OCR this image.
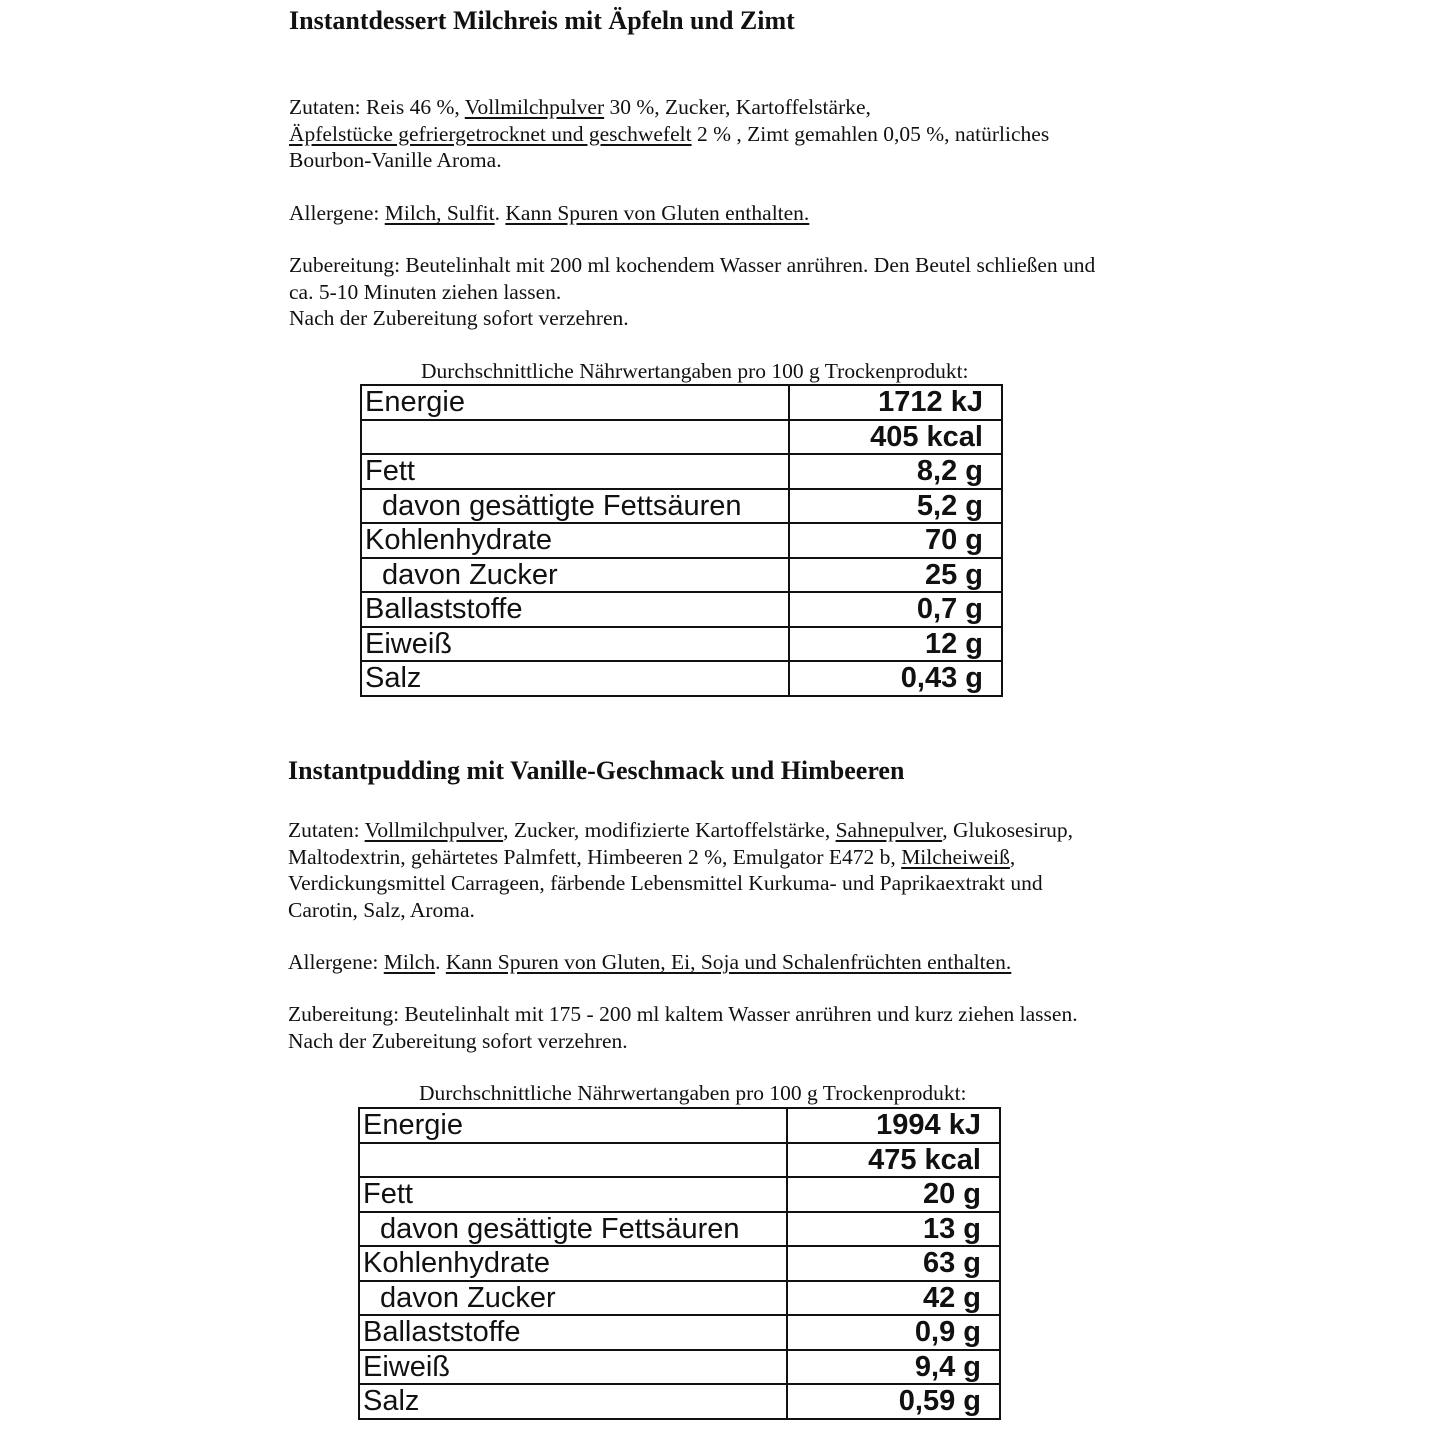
Instantdessert Milchreis mit Äpfeln und Zimt

Zutaten: Reis 46 %, Vollmilchpulver 30 %, Zucker, Kartoffelstärke,
Äpfelstücke gefriergetrocknet und geschwefelt 2 % , Zimt gemahlen 0,05 %, natürliches
Bourbon-Vanille Aroma.

Allergene: Milch, Sulfit. Kann Spuren von Gluten enthalten.

Zubereitung: Beutelinhalt mit 200 ml kochendem Wasser anrühren. Den Beutel schließen und
ca. 5-10 Minuten ziehen lassen.
Nach der Zubereitung sofort verzehren.

Durchschnittliche Nährwertangaben pro 100 g Trockenprodukt:

Energie	1712 kJ
	405 kcal
Fett	8,2 g
davon gesättigte Fettsäuren	5,2 g
Kohlenhydrate	70 g
davon Zucker	25 g
Ballaststoffe	0,7 g
Eiweiß	12 g
Salz	0,43 g
Instantpudding mit Vanille-Geschmack und Himbeeren

Zutaten: Vollmilchpulver, Zucker, modifizierte Kartoffelstärke, Sahnepulver, Glukosesirup,
Maltodextrin, gehärtetes Palmfett, Himbeeren 2 %, Emulgator E472 b, Milcheiweiß,
Verdickungsmittel Carrageen, färbende Lebensmittel Kurkuma- und Paprikaextrakt und
Carotin, Salz, Aroma.

Allergene: Milch. Kann Spuren von Gluten, Ei, Soja und Schalenfrüchten enthalten.

Zubereitung: Beutelinhalt mit 175 - 200 ml kaltem Wasser anrühren und kurz ziehen lassen.
Nach der Zubereitung sofort verzehren.

Durchschnittliche Nährwertangaben pro 100 g Trockenprodukt:

Energie	1994 kJ
	475 kcal
Fett	20 g
davon gesättigte Fettsäuren	13 g
Kohlenhydrate	63 g
davon Zucker	42 g
Ballaststoffe	0,9 g
Eiweiß	9,4 g
Salz	0,59 g
